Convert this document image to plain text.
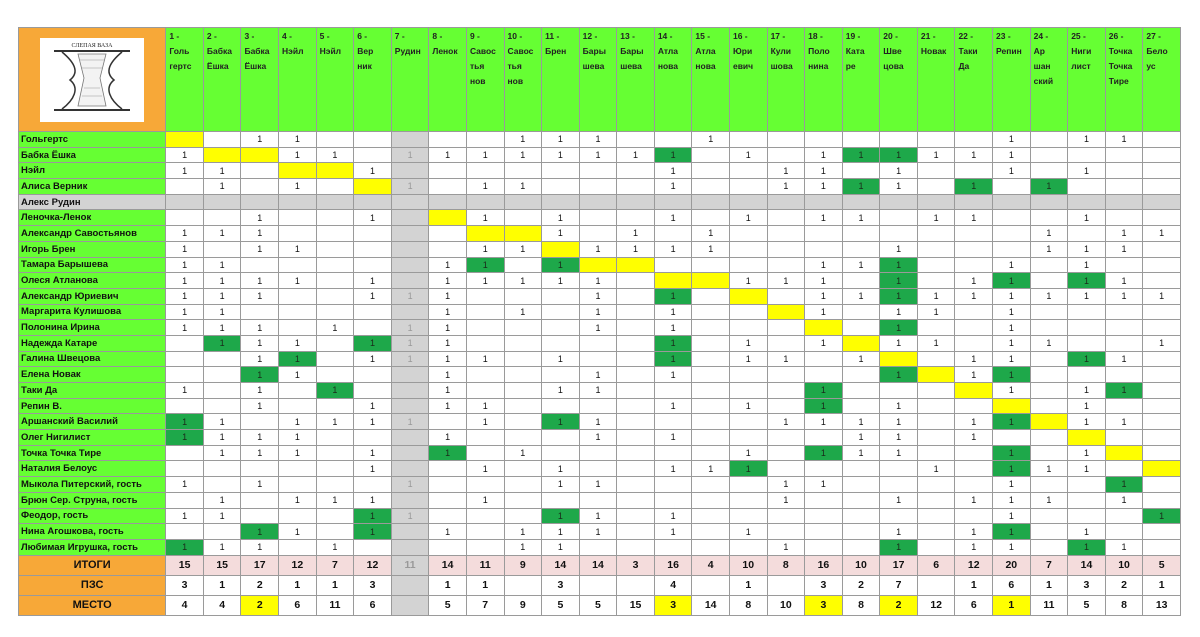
СЛЕПАЯ ВАЗА	1 -
Голь
гертс	2 -
Бабка
Ёшка	3 -
Бабка
Ёшка	4 -
Нэйл	5 -
Нэйл	6 -
Вер
ник	7 -
Рудин	8 -
Ленок	9 -
Савос
тья
нов	10 -
Савос
тья
нов	11 -
Брен	12 -
Бары
шева	13 -
Бары
шева	14 -
Атла
нова	15 -
Атла
нова	16 -
Юри
евич	17 -
Кули
шова	18 -
Поло
нина	19 -
Ката
ре	20 -
Шве
цова	21 -
Новак	22 -
Таки
Да	23 -
Репин	24 -
Ар
шан
ский	25 -
Ниги
лист	26 -
Точка
Точка
Тире	27 -
Бело
ус

Гольгертс			1	1						1	1	1			1								1		1	1	
Бабка Ёшка	1			1	1		1	1	1	1	1	1	1	1		1		1	1	1	1	1	1				
Нэйл	1	1				1								1			1	1		1			1		1		
Алиса Верник		1		1			1		1	1				1			1	1	1	1		1		1			
Алекс Рудин																											
Леночка-Ленок			1			1			1		1			1		1		1	1		1	1			1		
Александр Савостьянов	1	1	1								1		1		1									1		1	1
Игорь Брен	1		1	1					1	1		1	1	1	1					1				1	1	1	
Тамара Барышева	1	1						1	1		1							1	1	1			1		1		
Олеся Атланова	1	1	1	1		1		1	1	1	1	1				1	1	1		1		1	1		1	1	
Александр Юриевич	1	1	1			1	1	1				1		1				1	1	1	1	1	1	1	1	1	1
Маргарита Кулишова	1	1						1		1		1		1				1		1	1		1				
Полонина Ирина	1	1	1		1		1	1				1		1						1			1				
Надежда Катаре		1	1	1		1	1	1						1		1		1		1	1		1	1			1
Галина Швецова			1	1		1	1	1	1		1			1		1	1		1			1	1		1	1	
Елена Новак			1	1				1				1		1						1		1	1				
Таки Да	1		1		1			1			1	1						1					1		1	1	
Репин В.			1			1		1	1					1		1		1		1					1		
Аршанский Василий	1	1		1	1	1	1		1		1	1					1	1	1	1		1	1		1	1	
Олег Нигилист	1	1	1	1				1				1		1					1	1		1					
Точка Точка Тире		1	1	1		1		1		1						1		1	1	1			1		1		
Наталия Белоус						1			1		1			1	1	1					1		1	1	1		
Мыкола Питерский, гость	1		1				1				1	1					1	1					1			1	
Брюн Сер. Струна, гость		1		1	1	1			1								1			1		1	1	1		1	
Феодор, гость	1	1				1	1				1	1		1									1				1
Нина Агошкова, гость			1	1		1		1		1	1	1		1		1				1		1	1		1		
Любимая Игрушка, гость	1	1	1		1					1	1						1			1		1	1		1	1	
ИТОГИ	15	15	17	12	7	12	11	14	11	9	14	14	3	16	4	10	8	16	10	17	6	12	20	7	14	10	5
ПЗС	3	1	2	1	1	3		1	1		3			4		1		3	2	7		1	6	1	3	2	1
МЕСТО	4	4	2	6	11	6		5	7	9	5	5	15	3	14	8	10	3	8	2	12	6	1	11	5	8	13
